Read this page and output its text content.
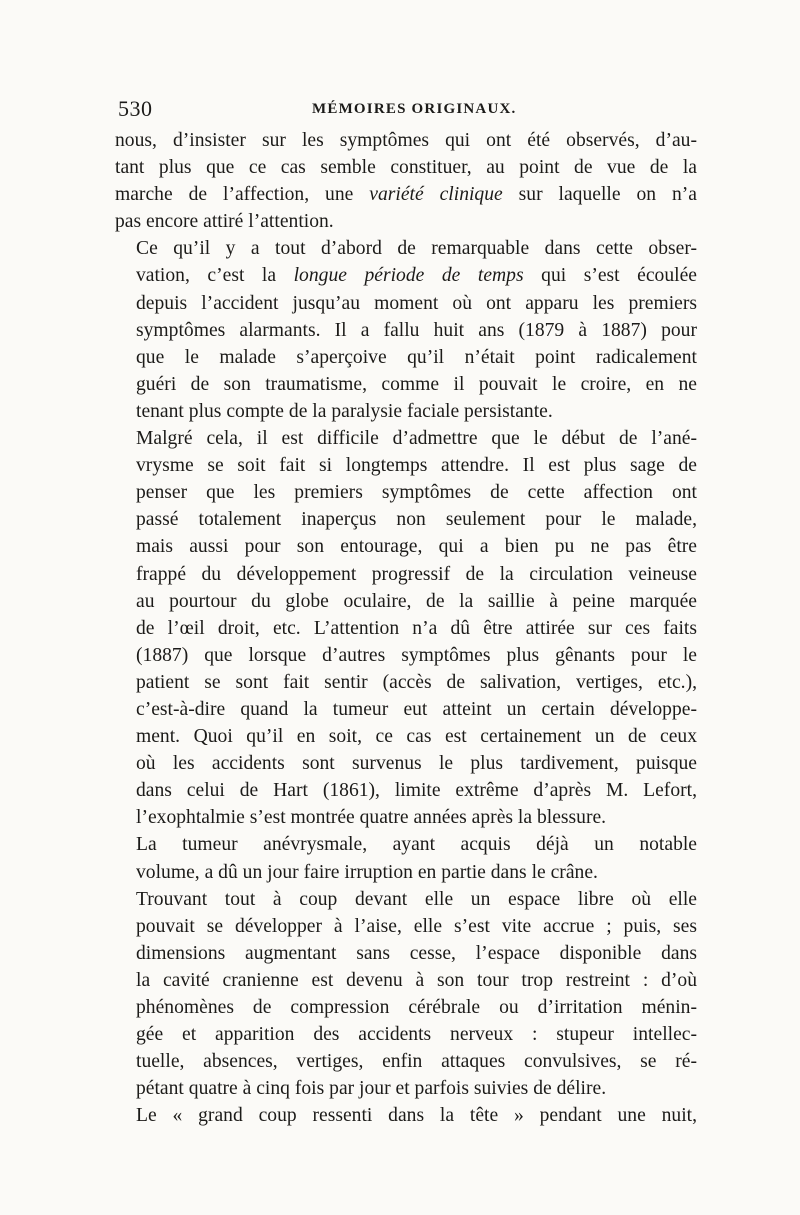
530	MÉMOIRES ORIGINAUX.

nous, d’insister sur les symptômes qui ont été observés, d’au-
tant plus que ce cas semble constituer, au point de vue de la
marche de l’affection, une variété clinique sur laquelle on n’a
pas encore attiré l’attention.

Ce qu’il y a tout d’abord de remarquable dans cette obser-
vation, c’est la longue période de temps qui s’est écoulée
depuis l’accident jusqu’au moment où ont apparu les premiers
symptômes alarmants. Il a fallu huit ans (1879 à 1887) pour
que le malade s’aperçoive qu’il n’était point radicalement
guéri de son traumatisme, comme il pouvait le croire, en ne
tenant plus compte de la paralysie faciale persistante.

Malgré cela, il est difficile d’admettre que le début de l’ané-
vrysme se soit fait si longtemps attendre. Il est plus sage de
penser que les premiers symptômes de cette affection ont
passé totalement inaperçus non seulement pour le malade,
mais aussi pour son entourage, qui a bien pu ne pas être
frappé du développement progressif de la circulation veineuse
au pourtour du globe oculaire, de la saillie à peine marquée
de l’œil droit, etc. L’attention n’a dû être attirée sur ces faits
(1887) que lorsque d’autres symptômes plus gênants pour le
patient se sont fait sentir (accès de salivation, vertiges, etc.),
c’est-à-dire quand la tumeur eut atteint un certain développe-
ment. Quoi qu’il en soit, ce cas est certainement un de ceux
où les accidents sont survenus le plus tardivement, puisque
dans celui de Hart (1861), limite extrême d’après M. Lefort,
l’exophtalmie s’est montrée quatre années après la blessure.

La tumeur anévrysmale, ayant acquis déjà un notable
volume, a dû un jour faire irruption en partie dans le crâne.

Trouvant tout à coup devant elle un espace libre où elle
pouvait se développer à l’aise, elle s’est vite accrue ; puis, ses
dimensions augmentant sans cesse, l’espace disponible dans
la cavité cranienne est devenu à son tour trop restreint : d’où
phénomènes de compression cérébrale ou d’irritation ménin-
gée et apparition des accidents nerveux : stupeur intellec-
tuelle, absences, vertiges, enfin attaques convulsives, se ré-
pétant quatre à cinq fois par jour et parfois suivies de délire.

Le « grand coup ressenti dans la tête » pendant une nuit,
